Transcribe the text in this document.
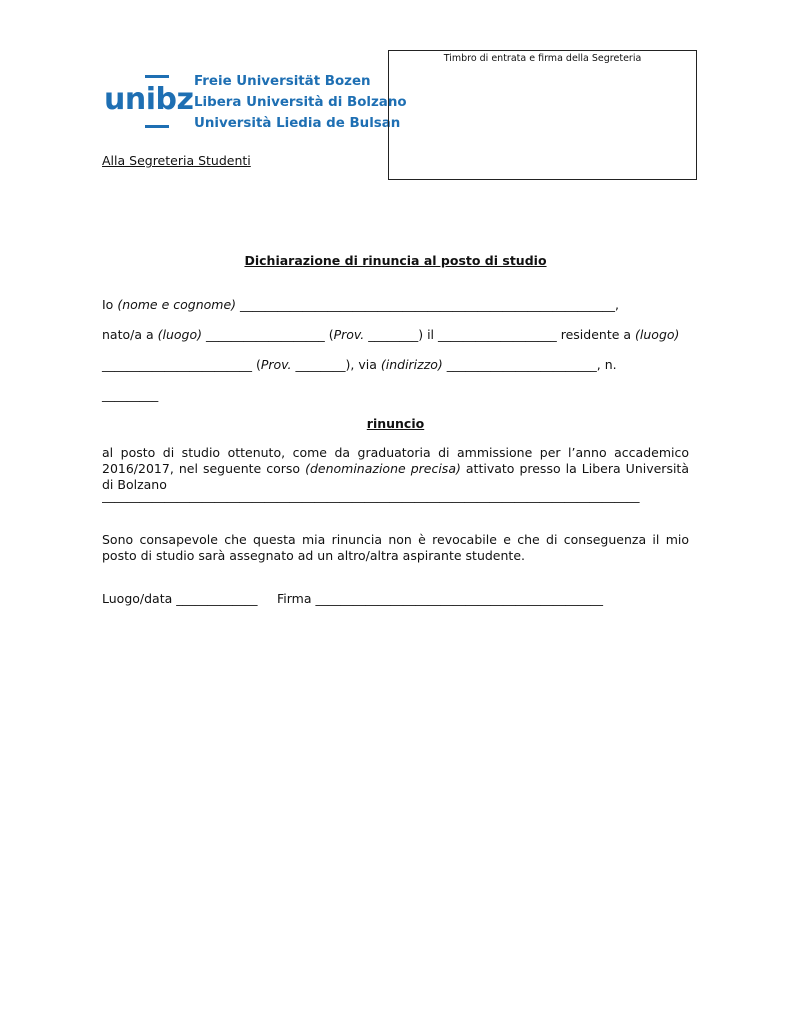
unibz
Freie Universität Bozen
Libera Università di Bolzano
Università Liedia de Bulsan
Timbro di entrata e firma della Segreteria
Alla Segreteria Studenti
Dichiarazione di rinuncia al posto di studio
Io (nome e cognome) ____________________________________________________________,
nato/a a (luogo) ___________________ (Prov. ________) il ___________________ residente a (luogo)
________________________ (Prov. ________), via (indirizzo) ________________________, n.
_________
rinuncio
al posto di studio ottenuto, come da graduatoria di ammissione per l’anno accademico 2016/2017, nel seguente corso (denominazione precisa) attivato presso la Libera Università di Bolzano
______________________________________________________________________________________
Sono consapevole che questa mia rinuncia non è revocabile e che di conseguenza il mio posto di studio sarà assegnato ad un altro/altra aspirante studente.
Luogo/data _____________ Firma ______________________________________________
